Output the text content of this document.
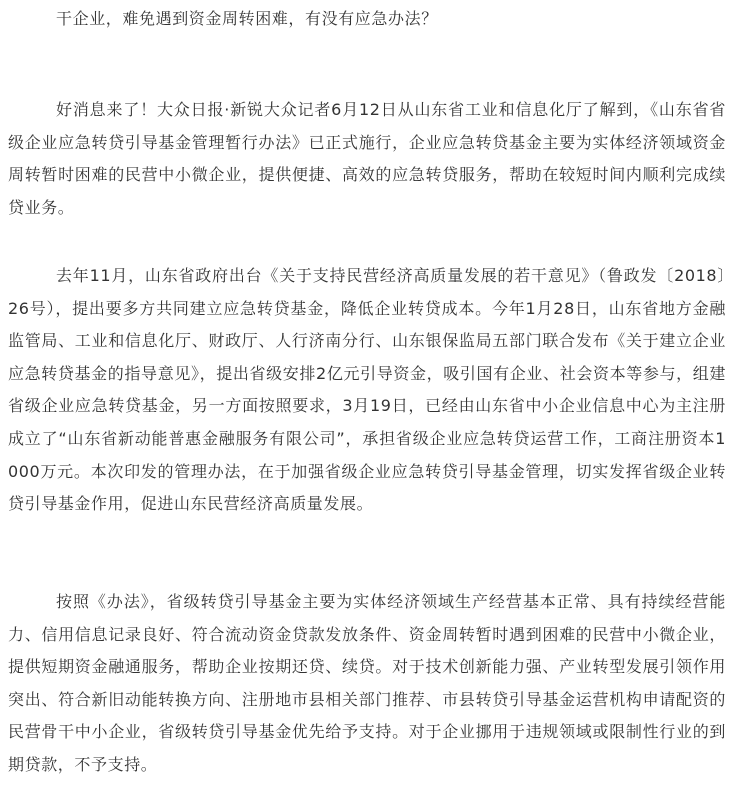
干企业，难免遇到资金周转困难，有没有应急办法？

好消息来了！大众日报·新锐大众记者6月12日从山东省工业和信息化厅了解到，《山东省省级企业应急转贷引导基金管理暂行办法》已正式施行，企业应急转贷基金主要为实体经济领域资金周转暂时困难的民营中小微企业，提供便捷、高效的应急转贷服务，帮助在较短时间内顺利完成续贷业务。

去年11月，山东省政府出台《关于支持民营经济高质量发展的若干意见》（鲁政发〔2018〕26号），提出要多方共同建立应急转贷基金，降低企业转贷成本。今年1月28日，山东省地方金融监管局、工业和信息化厅、财政厅、人行济南分行、山东银保监局五部门联合发布《关于建立企业应急转贷基金的指导意见》，提出省级安排2亿元引导资金，吸引国有企业、社会资本等参与，组建省级企业应急转贷基金，另一方面按照要求，3月19日，已经由山东省中小企业信息中心为主注册成立了“山东省新动能普惠金融服务有限公司”，承担省级企业应急转贷运营工作，工商注册资本1000万元。本次印发的管理办法，在于加强省级企业应急转贷引导基金管理，切实发挥省级企业转贷引导基金作用，促进山东民营经济高质量发展。

按照《办法》，省级转贷引导基金主要为实体经济领域生产经营基本正常、具有持续经营能力、信用信息记录良好、符合流动资金贷款发放条件、资金周转暂时遇到困难的民营中小微企业，提供短期资金融通服务，帮助企业按期还贷、续贷。对于技术创新能力强、产业转型发展引领作用突出、符合新旧动能转换方向、注册地市县相关部门推荐、市县转贷引导基金运营机构申请配资的民营骨干中小企业，省级转贷引导基金优先给予支持。对于企业挪用于违规领域或限制性行业的到期贷款，不予支持。
